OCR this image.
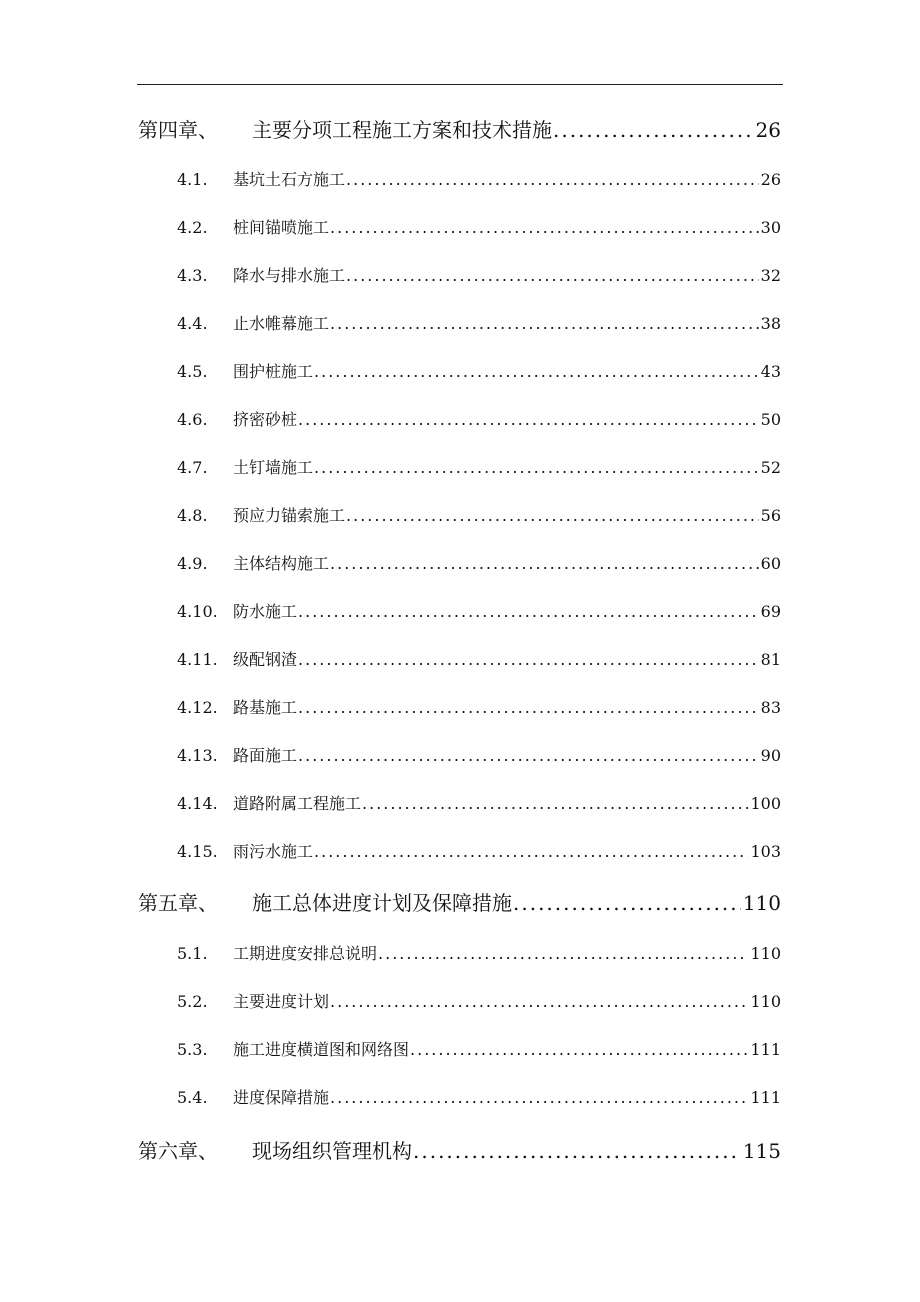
第四章、	主要分项工程施工方案和技术措施 .....	26
4.1.	基坑土石方施工 .....	26
4.2.	桩间锚喷施工 .....	30
4.3.	降水与排水施工 .....	32
4.4.	止水帷幕施工 .....	38
4.5.	围护桩施工 .....	43
4.6.	挤密砂桩 .....	50
4.7.	土钉墙施工 .....	52
4.8.	预应力锚索施工 .....	56
4.9.	主体结构施工 .....	60
4.10. 防水施工 .....	69
4.11. 级配钢渣 .....	81
4.12. 路基施工 .....	83
4.13. 路面施工 .....	90
4.14. 道路附属工程施工 .....	100
4.15. 雨污水施工 .....	103
第五章、	施工总体进度计划及保障措施 .....	110
5.1.	工期进度安排总说明 .....	110
5.2.	主要进度计划 .....	110
5.3.	施工进度横道图和网络图 .....	111
5.4.	进度保障措施 .....	111
第六章、	现场组织管理机构 .....	115
